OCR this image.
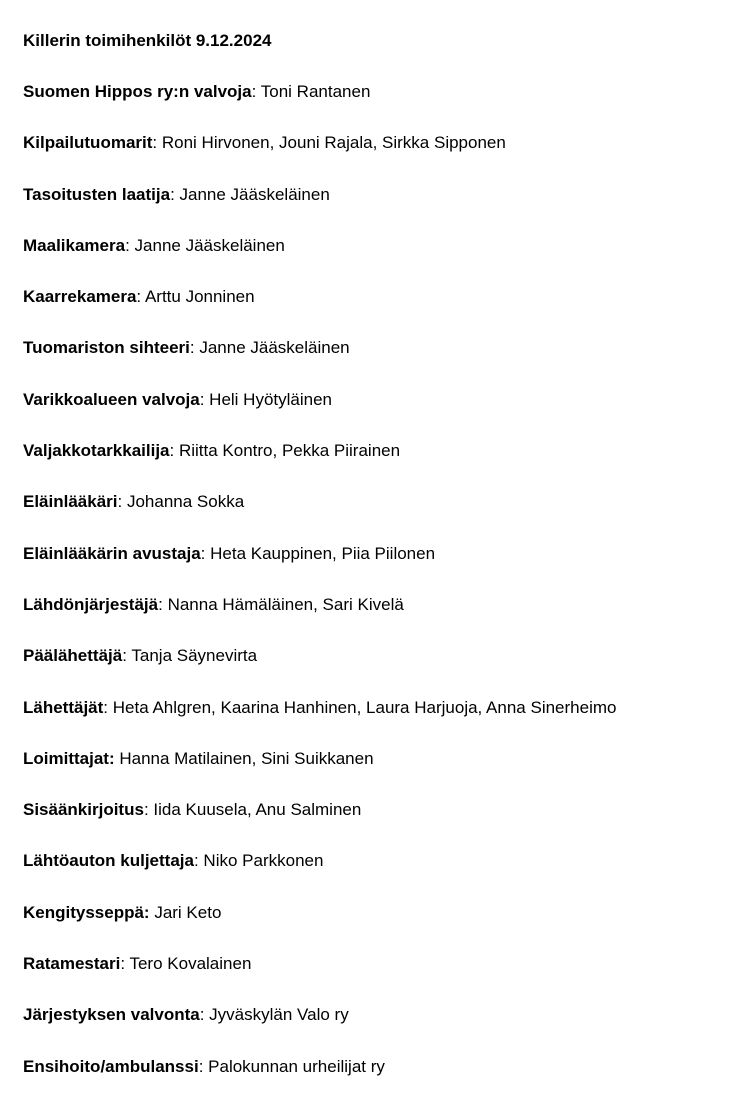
Killerin toimihenkilöt 9.12.2024
Suomen Hippos ry:n valvoja: Toni Rantanen
Kilpailutuomarit: Roni Hirvonen, Jouni Rajala, Sirkka Sipponen
Tasoitusten laatija: Janne Jääskeläinen
Maalikamera: Janne Jääskeläinen
Kaarrekamera: Arttu Jonninen
Tuomariston sihteeri: Janne Jääskeläinen
Varikkoalueen valvoja: Heli Hyötyläinen
Valjakkotarkkailija: Riitta Kontro, Pekka Piirainen
Eläinlääkäri: Johanna Sokka
Eläinlääkärin avustaja: Heta Kauppinen, Piia Piilonen
Lähdönjärjestäjä: Nanna Hämäläinen, Sari Kivelä
Päälähettäjä: Tanja Säynevirta
Lähettäjät: Heta Ahlgren, Kaarina Hanhinen, Laura Harjuoja, Anna Sinerheimo
Loimittajat: Hanna Matilainen, Sini Suikkanen
Sisäänkirjoitus: Iida Kuusela, Anu Salminen
Lähtöauton kuljettaja: Niko Parkkonen
Kengitysseppä: Jari Keto
Ratamestari: Tero Kovalainen
Järjestyksen valvonta: Jyväskylän Valo ry
Ensihoito/ambulanssi: Palokunnan urheilijat ry
